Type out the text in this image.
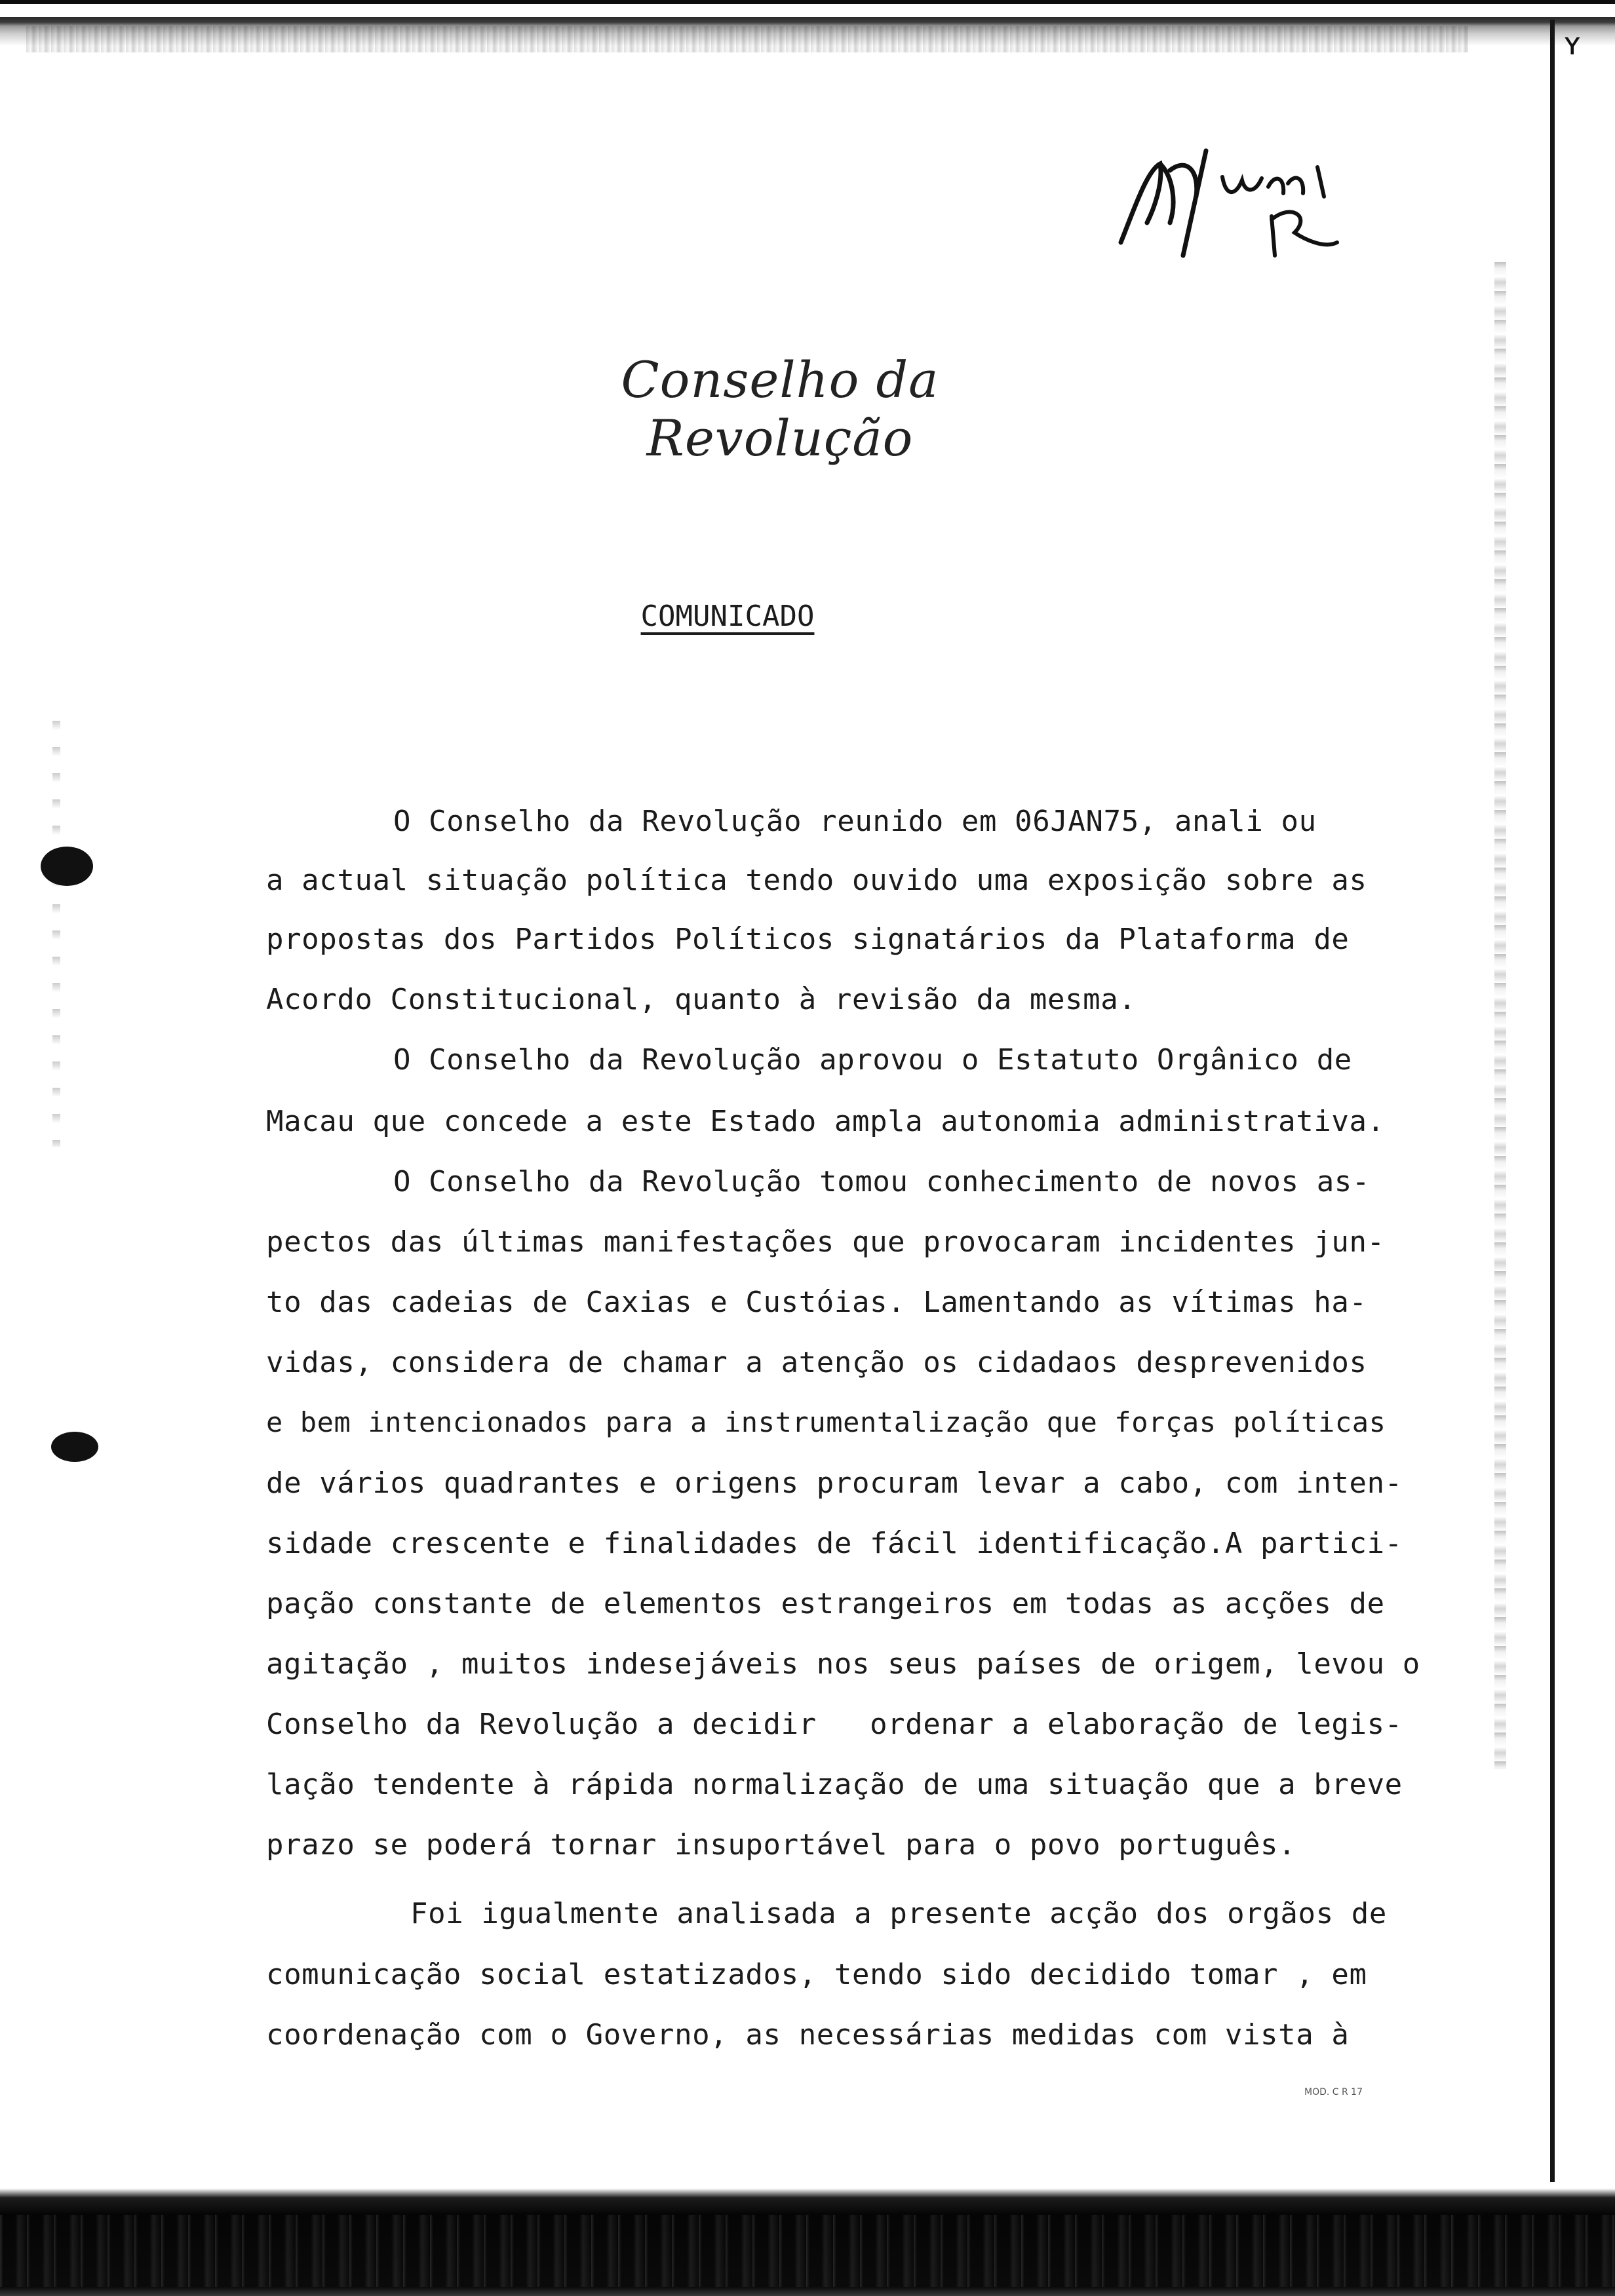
ʏ
Conselho da Revolução
COMUNICADO
O Conselho da Revolução reunido em 06JAN75, anali ou
a actual situação política tendo ouvido uma exposição sobre as
propostas dos Partidos Políticos signatários da Plataforma de
Acordo Constitucional, quanto à revisão da mesma.
O Conselho da Revolução aprovou o Estatuto Orgânico de
Macau que concede a este Estado ampla autonomia administrativa.
O Conselho da Revolução tomou conhecimento de novos as-
pectos das últimas manifestações que provocaram incidentes jun-
to das cadeias de Caxias e Custóias. Lamentando as vítimas ha-
vidas, considera de chamar a atenção os cidadaos desprevenidos
e bem intencionados para a instrumentalização que forças políticas
de vários quadrantes e origens procuram levar a cabo, com inten-
sidade crescente e finalidades de fácil identificação.A partici-
pação constante de elementos estrangeiros em todas as acções de
agitação , muitos indesejáveis nos seus países de origem, levou o
Conselho da Revolução a decidir   ordenar a elaboração de legis-
lação tendente à rápida normalização de uma situação que a breve
prazo se poderá tornar insuportável para o povo português.
Foi igualmente analisada a presente acção dos orgãos de
comunicação social estatizados, tendo sido decidido tomar , em
coordenação com o Governo, as necessárias medidas com vista à
MOD. C R 17
